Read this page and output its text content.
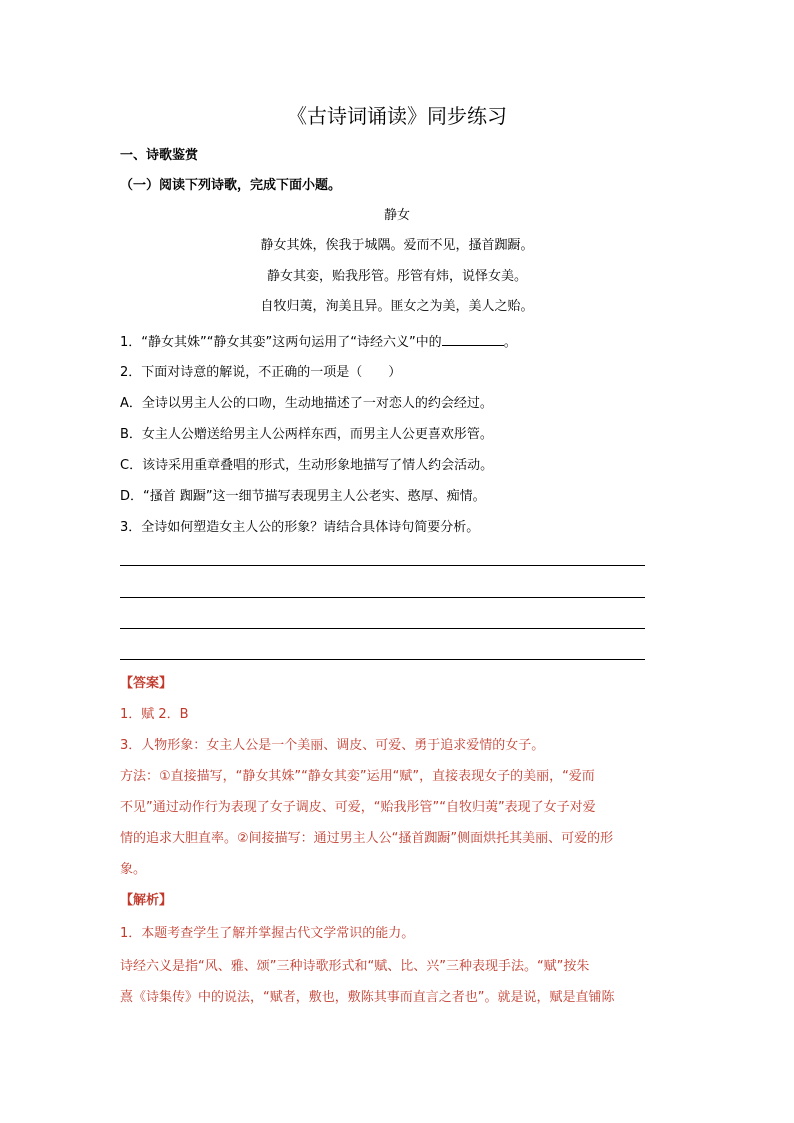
《古诗词诵读》同步练习
一、诗歌鉴赏
（一）阅读下列诗歌，完成下面小题。
静女
静女其姝，俟我于城隅。爱而不见，搔首踟蹰。
静女其娈，贻我彤管。彤管有炜，说怿女美。
自牧归荑，洵美且异。匪女之为美，美人之贻。
1．“静女其姝”“静女其娈”这两句运用了“诗经六义”中的	。
2．下面对诗意的解说，不正确的一项是（　　）
A．全诗以男主人公的口吻，生动地描述了一对恋人的约会经过。
B．女主人公赠送给男主人公两样东西，而男主人公更喜欢彤管。
C．该诗采用重章叠唱的形式，生动形象地描写了情人约会活动。
D．“搔首 踟蹰”这一细节描写表现男主人公老实、憨厚、痴情。
3．全诗如何塑造女主人公的形象？请结合具体诗句简要分析。
【答案】
1．赋 2．B
3．人物形象：女主人公是一个美丽、调皮、可爱、勇于追求爱情的女子。
方法：①直接描写，“静女其姝”“静女其娈”运用“赋”，直接表现女子的美丽，“爱而
不见”通过动作行为表现了女子调皮、可爱，“贻我彤管”“自牧归荑”表现了女子对爱
情的追求大胆直率。②间接描写：通过男主人公“搔首踟蹰”侧面烘托其美丽、可爱的形
象。
【解析】
1．本题考查学生了解并掌握古代文学常识的能力。
诗经六义是指“风、雅、颂”三种诗歌形式和“赋、比、兴”三种表现手法。“赋”按朱
熹《诗集传》中的说法，“赋者，敷也，敷陈其事而直言之者也”。就是说，赋是直铺陈
